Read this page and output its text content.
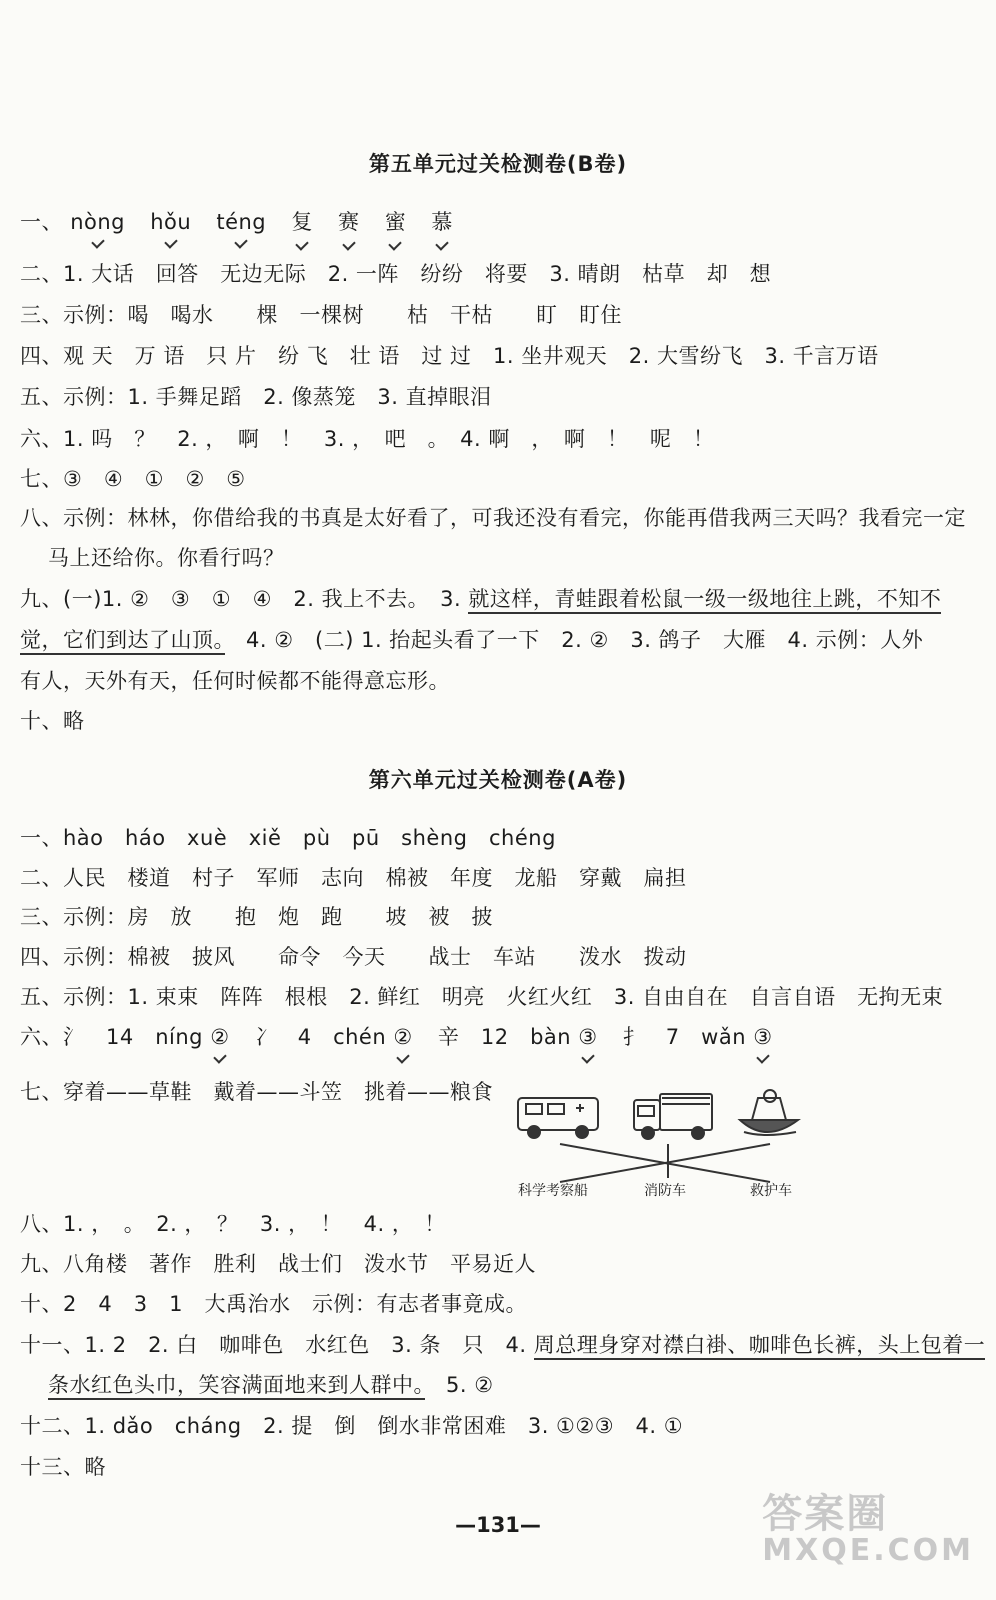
第五单元过关检测卷(B卷)
一、 nòng hǒu téng 复 赛 蜜 慕
二、1. 大话　回答　无边无际　2. 一阵　纷纷　将要　3. 晴朗　枯草　却　想
三、示例：喝　喝水　　棵　一棵树　　枯　干枯　　盯　盯住
四、观 天　万 语　只 片　纷 飞　壮 语　过 过　1. 坐井观天　2. 大雪纷飞　3. 千言万语
五、示例：1. 手舞足蹈　2. 像蒸笼　3. 直掉眼泪
六、1. 吗　？　2. ，　啊　！　3. ，　吧　。　4. 啊　，　啊　！　呢　！
七、③　④　①　②　⑤
八、示例：林林，你借给我的书真是太好看了，可我还没有看完，你能再借我两三天吗？我看完一定
马上还给你。你看行吗？
九、(一)1. ②　③　①　④　2. 我上不去。　3. 就这样，青蛙跟着松鼠一级一级地往上跳，不知不
觉，它们到达了山顶。　4. ②　(二) 1. 抬起头看了一下　2. ②　3. 鸽子　大雁　4. 示例：人外
有人，天外有天，任何时候都不能得意忘形。
十、略
第六单元过关检测卷(A卷)
一、hào　háo　xuè　xiě　pù　pū　shèng　chéng
二、人民　楼道　村子　军师　志向　棉被　年度　龙船　穿戴　扁担
三、示例：房　放　　抱　炮　跑　　坡　被　披
四、示例：棉被　披风　　命令　今天　　战士　车站　　泼水　拨动
五、示例：1. 束束　阵阵　根根　2. 鲜红　明亮　火红火红　3. 自由自在　自言自语　无拘无束
六、氵　14　níng ② 冫　4　chén ② 辛　12　bàn ③ 扌　7　wǎn ③
七、穿着——草鞋　戴着——斗笠　挑着——粮食
科学考察船	消防车	救护车
八、1. ，　。　2. ，　？　3. ，　！　4. ，　！
九、八角楼　著作　胜利　战士们　泼水节　平易近人
十、2　4　3　1　大禹治水　示例：有志者事竟成。
十一、1. 2　2. 白　咖啡色　水红色　3. 条　只　4. 周总理身穿对襟白褂、咖啡色长裤，头上包着一
条水红色头巾，笑容满面地来到人群中。　5. ②
十二、1. dǎo　cháng　2. 提　倒　倒水非常困难　3. ①②③　4. ①
十三、略
—131—	答案圈
MXQE.COM
